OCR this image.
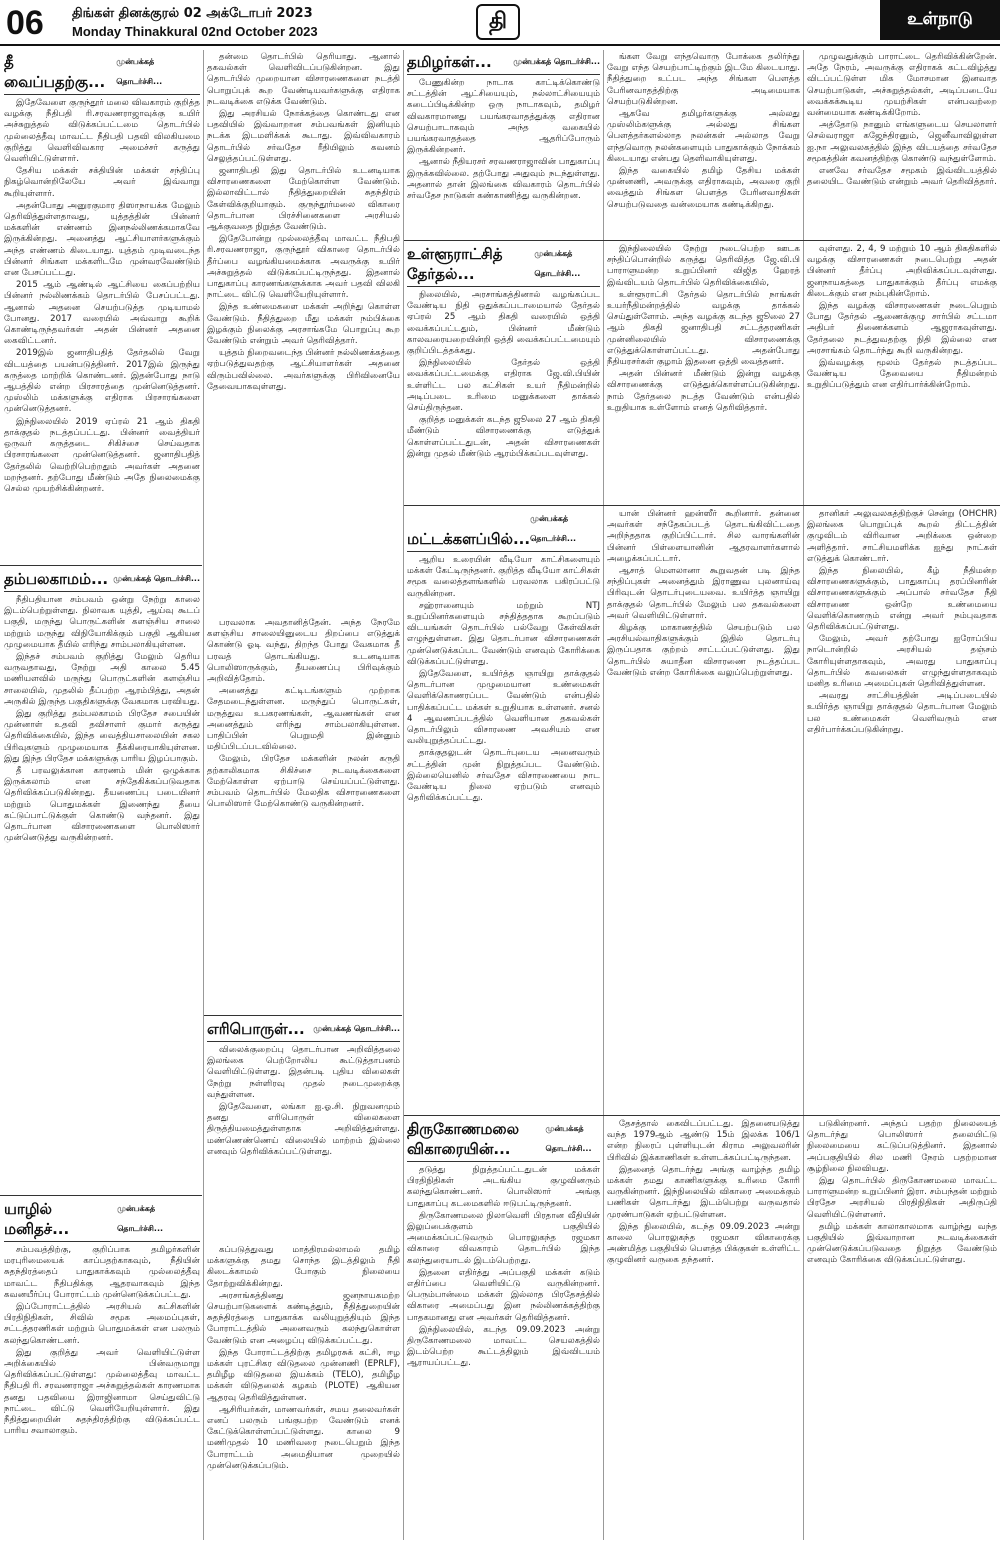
06 திங்கள் தினக்குரல் 02 அக்டோபர் 2023
Monday Thinakkural 02nd October 2023	தி	உள்நாடு
தீ வைப்பதற்கு...
முன்பக்கத் தொடர்ச்சி...

இதேவேளை குருந்தூர் மலை விவகாரம் குறித்த வழக்கு நீதிபதி ரி.சரவணராஜாவுக்கு உயிர் அச்சுறுத்தல் விடுக்கப்பட்டமை தொடர்பில் முல்லைத்தீவு மாவட்ட நீதிபதி பதவி விலகியமை குறித்து வெளிவிவகார அமைச்சர் கருத்து வெளியிட்டுள்ளார்.

தேசிய மக்கள் சக்தியின் மக்கள் சந்திப்பு நிகழ்வொன்றிலேயே அவர் இவ்வாறு கூறியுள்ளார்.

அதன்போது அனுரகுமார திஸாநாயக்க மேலும் தெரிவித்துள்ளதாவது, யுத்தத்தின் பின்னர் மக்களின் எண்ணம் இனநல்லிணக்கமாகவே இருக்கின்றது. அனைத்து ஆட்சியாளர்களுக்கும் அந்த எண்ணம் கிடையாது. யுத்தம் முடிவடைந்த பின்னர் சிங்கள மக்களிடமே முன்வரவேண்டும் என பேசப்பட்டது.

2015 ஆம் ஆண்டில் ஆட்சியை கைப்பற்றிய பின்னர் நல்லிணக்கம் தொடர்பில் பேசப்பட்டது. ஆனால் அதனை செயற்படுத்த முடியாமல் போனது. 2017 வரையில் அவ்வாறு கூறிக் கொண்டிருந்தவர்கள் அதன் பின்னர் அதனை கைவிட்டனர்.

2019இல் ஜனாதிபதித் தேர்தலில் வேறு விடயத்தை பயன்படுத்தினர். 2017இல் இருந்து கருத்தை மாற்றிக் கொண்டனர். இதன்போது நாடு ஆபத்தில் என்ற பிரசாரத்தை முன்னெடுத்தனர். முஸ்லிம் மக்களுக்கு எதிராக பிரசாரங்களை முன்னெடுத்தனர்.

இந்நிலையில் 2019 ஏப்ரல் 21 ஆம் திகதி தாக்குதல் நடத்தப்பட்டது. பின்னர் வைத்தியர் ஒருவர் கருத்தடை சிகிச்சை செய்வதாக பிரசாரங்களை முன்னெடுத்தனர். ஜனாதிபதித் தேர்தலில் வெற்றிபெற்றதும் அவர்கள் அதனை மறந்தனர். தற்போது மீண்டும் அதே நிலைமைக்கு செல்ல முயற்சிக்கின்றனர்.

தம்பலகாமம்... முன்பக்கத் தொடர்ச்சி...

நீதிபதியான சம்பவம் ஒன்று நேற்று காலை இடம்பெற்றுள்ளது. நிலாவக யுத்தி, ஆய்வு கூடப் பகுதி, மருந்து பொருட்களின் களஞ்சிய சாலை மற்றும் மருந்து விநியோகிக்கும் பகுதி ஆகியன முழுமையாக தீயில் எரிந்து சாம்பலாகியுள்ளன.

இந்தச் சம்பவம் குறித்து மேலும் தெரிய வருவதாவது, நேற்று அதி காலை 5.45 மணியளவில் மருந்து பொருட்களின் களஞ்சிய சாலையில், முதலில் தீப்பற்ற ஆரம்பித்து, அதன் அருகில் இருந்த பகுதிகளுக்கு வேகமாக பரவியது.

இது குறித்து தம்பலகாமம் பிரதேச சபையின் முன்னாள் உதவி தவிசாளர் குமார் கருத்து தெரிவிக்கையில், இந்த வைத்தியசாலையின் சகல பிரிவுகளும் முழுமையாக தீக்கிரையாகியுள்ளன. இது இந்த பிரதேச மக்களுக்கு பாரிய இழப்பாகும்.

தீ பரவலுக்கான காரணம் மின் ஒழுக்காக இருக்கலாம் என சந்தேகிக்கப்படுவதாக தெரிவிக்கப்படுகின்றது. தீயணைப்பு படையினர் மற்றும் பொதுமக்கள் இணைந்து தீயை கட்டுப்பாட்டுக்குள் கொண்டு வந்தனர். இது தொடர்பான விசாரணைகளை பொலிஸார் முன்னெடுத்து வருகின்றனர்.

யாழில் மனிதச்...
முன்பக்கத் தொடர்ச்சி...

சம்பவத்திற்கு, குறிப்பாக தமிழர்களின் மரபுரிமையைக் காப்பதற்காகவும், நீதியின் சுதந்திரத்தைப் பாதுகாக்கவும் முல்லைத்தீவு மாவட்ட நீதிபதிக்கு ஆதரவாகவும் இந்த கவனயீர்ப்பு போராட்டம் முன்னெடுக்கப்பட்டது.

இப்போராட்டத்தில் அரசியல் கட்சிகளின் பிரதிநிதிகள், சிவில் சமூக அமைப்புகள், சட்டத்தரணிகள் மற்றும் பொதுமக்கள் என பலரும் கலந்துகொண்டனர்.

இது குறித்து அவர் வெளியிட்டுள்ள அறிக்கையில் பின்வருமாறு தெரிவிக்கப்பட்டுள்ளது: முல்லைத்தீவு மாவட்ட நீதிபதி ரி. சரவணராஜா அச்சுறுத்தல்கள் காரணமாக தனது பதவியை இராஜினாமா செய்துவிட்டு நாட்டை விட்டு வெளியேறியுள்ளார். இது நீதித்துறையின் சுதந்திரத்திற்கு விடுக்கப்பட்ட பாரிய சவாலாகும்.

தன்மை தொடர்பில் தெரியாது. ஆனால் தகவல்கள் வெளிவிடப்படுகின்றன. இது தொடர்பில் முறையான விசாரணைகளை நடத்தி பொறுப்புக் கூற வேண்டியவர்களுக்கு எதிராக நடவடிக்கை எடுக்க வேண்டும்.

இது அரசியல் நோக்கத்தை கொண்டது என பதவியில் இவ்வாறான சம்பவங்கள் இனியும் நடக்க இடமளிக்கக் கூடாது. இவ்விவகாரம் தொடர்பில் சர்வதேச ரீதியிலும் கவனம் செலுத்தப்பட்டுள்ளது.

ஜனாதிபதி இது தொடர்பில் உடனடியாக விசாரணைகளை மேற்கொள்ள வேண்டும். இல்லாவிட்டால் நீதித்துறையின் சுதந்திரம் கேள்விக்குறியாகும். குருந்தூர்மலை விகாரை தொடர்பான பிரச்சினைகளை அரசியல் ஆக்குவதை நிறுத்த வேண்டும்.

இதேபோன்று முல்லைத்தீவு மாவட்ட நீதிபதி ரி.சரவணராஜா, குருந்தூர் விகாரை தொடர்பில் தீர்ப்பை வழங்கியமைக்காக அவருக்கு உயிர் அச்சுறுத்தல் விடுக்கப்பட்டிருந்தது. இதனால் பாதுகாப்பு காரணங்களுக்காக அவர் பதவி விலகி நாட்டை விட்டு வெளியேறியுள்ளார்.

இந்த உண்மைகளை மக்கள் அறிந்து கொள்ள வேண்டும். நீதித்துறை மீது மக்கள் நம்பிக்கை இழக்கும் நிலைக்கு அரசாங்கமே பொறுப்பு கூற வேண்டும் என்றும் அவர் தெரிவித்தார்.

யுத்தம் நிறைவடைந்த பின்னர் நல்லிணக்கத்தை ஏற்படுத்துவதற்கு ஆட்சியாளர்கள் அதனை விரும்பவில்லை. அவர்களுக்கு பிரிவினையே தேவையாகவுள்ளது.

பரவலாக அவதானித்தேன். அந்த நேரமே களஞ்சிய சாலையினுடைய திறப்பை எடுத்துக் கொண்டு ஓடி வந்து, திறந்த போது வேகமாக தீ பரவத் தொடங்கியது. உடனடியாக பொலிஸாருக்கும், தீயணைப்பு பிரிவுக்கும் அறிவித்தோம்.

அனைத்து கட்டிடங்களும் முற்றாக சேதமடைந்துள்ளன. மருந்துப் பொருட்கள், மருத்துவ உபகரணங்கள், ஆவணங்கள் என அனைத்தும் எரிந்து சாம்பலாகியுள்ளன. பாதிப்பின் பெறுமதி இன்னும் மதிப்பிடப்படவில்லை.

மேலும், பிரதேச மக்களின் நலன் கருதி தற்காலிகமாக சிகிச்சை நடவடிக்கைகளை மேற்கொள்ள ஏற்பாடு செய்யப்பட்டுள்ளது. சம்பவம் தொடர்பில் மேலதிக விசாரணைகளை பொலிஸார் மேற்கொண்டு வருகின்றனர்.

எரிபொருள்... முன்பக்கத் தொடர்ச்சி...

விலைக்குறைப்பு தொடர்பான அறிவித்தலை இலங்கை பெற்றோலிய கூட்டுத்தாபனம் வெளியிட்டுள்ளது. இதன்படி புதிய விலைகள் நேற்று நள்ளிரவு முதல் நடைமுறைக்கு வந்துள்ளன.

இதேவேளை, லங்கா ஐ.ஓ.சி. நிறுவனமும் தனது எரிபொருள் விலைகளை திருத்தியமைத்துள்ளதாக அறிவித்துள்ளது. மண்ணெண்ணெய் விலையில் மாற்றம் இல்லை எனவும் தெரிவிக்கப்பட்டுள்ளது.

கப்படுத்துவது மாத்திரமல்லாமல் தமிழ் மக்களுக்கு தமது சொந்த இடத்திலும் நீதி கிடைக்காமல் போகும் நிலையை தோற்றுவிக்கின்றது.

அரசாங்கத்தினது ஜனநாயகமற்ற செயற்பாடுகளைக் கண்டித்தும், நீதித்துறையின் சுதந்திரத்தை பாதுகாக்க வலியுறுத்தியும் இந்த போராட்டத்தில் அனைவரும் கலந்துகொள்ள வேண்டும் என அழைப்பு விடுக்கப்பட்டது.

இந்த போராட்டத்திற்கு தமிழரசுக் கட்சி, ஈழ மக்கள் புரட்சிகர விடுதலை முன்னணி (EPRLF), தமிழீழ விடுதலை இயக்கம் (TELO), தமிழீழ மக்கள் விடுதலைக் கழகம் (PLOTE) ஆகியன ஆதரவு தெரிவித்துள்ளன.

ஆசிரியர்கள், மாணவர்கள், சமய தலைவர்கள் எனப் பலரும் பங்குபற்ற வேண்டும் எனக் கேட்டுக்கொள்ளப்பட்டுள்ளது. காலை 9 மணிமுதல் 10 மணிவரை நடைபெறும் இந்த போராட்டம் அமைதியான முறையில் முன்னெடுக்கப்படும்.

தமிழர்கள்...	முன்பக்கத் தொடர்ச்சி...

பேணுகின்ற நாடாக காட்டிக்கொண்டு சட்டத்தின் ஆட்சியையும், நல்லாட்சியையும் கடைப்பிடிக்கின்ற ஒரு நாடாகவும், தமிழர் விவகாரமானது பயங்கரவாதத்துக்கு எதிரான செயற்பாடாகவும் அந்த வகையில் பயங்கரவாதத்தை ஆதரிப்போரும் இருக்கின்றனர்.

ஆனால் நீதியரசர் சரவணராஜாவின் பாதுகாப்பு இருக்கவில்லை. தற்போது அதுவும் நடந்துள்ளது. அதனால் தான் இலங்கை விவகாரம் தொடர்பில் சர்வதேச நாடுகள் கண்காணித்து வருகின்றன.

ங்கள வேறு எந்தவொரு போக்கை தலிர்ந்து வேறு எந்த செயற்பாட்டிற்கும் இடமே கிடையாது. நீதித்துறை உட்பட அந்த சிங்கள பௌத்த பேரினவாதத்திற்கு அடிமையாக செயற்படுகின்றன.

ஆகவே தமிழர்களுக்கு அல்லது முஸ்லிம்களுக்கு அல்லது சிங்கள பௌத்தர்களல்லாத நலன்கள் அல்லாத வேறு எந்தவொரு நலன்களையும் பாதுகாக்கும் நோக்கம் கிடையாது என்பது தெளிவாகியுள்ளது.

இந்த வகையில் தமிழ் தேசிய மக்கள் முன்னணி, அவருக்கு எதிராகவும், அவரை குறி வைத்தும் சிங்கள பௌத்த பேரினவாதிகள் செயற்படுவதை வன்மையாக கண்டிக்கிறது.

முழுவதுக்கும் பாராட்டை தெரிவிக்கின்றேன். அதே நேரம், அவருக்கு எதிராகக் கட்டவிழ்த்து விடப்பட்டுள்ள மிக மோசமான இனவாத செயற்பாடுகள், அச்சுறுத்தல்கள், அடிப்படையே வைக்கக்கூடிய முயற்சிகள் என்பவற்றை வன்மையாக கண்டிக்கிறோம்.

அத்தோடு நானும் எங்களுடைய செயலாளர் செல்வராஜா கஜேந்திரனும், ஜெனீவாவிலுள்ள ஐ.நா அலுவலகத்தில் இந்த விடயத்தை சர்வதேச சமூகத்தின் கவனத்திற்கு கொண்டு வந்துள்ளோம்.

எனவே சர்வதேச சமூகம் இவ்விடயத்தில் தலையிட வேண்டும் என்றும் அவர் தெரிவித்தார்.

உள்ளூராட்சித் தேர்தல்...
முன்பக்கத் தொடர்ச்சி...

நிலையில், அரசாங்கத்தினால் வழங்கப்பட வேண்டிய நிதி ஒதுக்கப்படாமையால் தேர்தல் ஏப்ரல் 25 ஆம் திகதி வரையில் ஒத்தி வைக்கப்பட்டதும், பின்னர் மீண்டும் காலவரையறையின்றி ஒத்தி வைக்கப்பட்டமையும் குறிப்பிடத்தக்கது.

இந்நிலையில் தேர்தல் ஒத்தி வைக்கப்பட்டமைக்கு எதிராக ஜே.வி.பியின் உள்ளிட்ட பல கட்சிகள் உயர் நீதிமன்றில் அடிப்படை உரிமை மனுக்களை தாக்கல் செய்திருந்தன.

குறித்த மனுக்கள் கடந்த ஜூலை 27 ஆம் திகதி மீண்டும் விசாரணைக்கு எடுத்துக் கொள்ளப்பட்டதுடன், அதன் விசாரணைகள் இன்று முதல் மீண்டும் ஆரம்பிக்கப்படவுள்ளது.

இந்நிலையில் நேற்று நடைபெற்ற ஊடக சந்திப்பொன்றில் கருத்து தெரிவித்த ஜே.வி.பி பாராளுமன்ற உறுப்பினர் விஜித ஹேரத் இவ்விடயம் தொடர்பில் தெரிவிக்கையில்,

உள்ளூராட்சி தேர்தல் தொடர்பில் நாங்கள் உயர்நீதிமன்றத்தில் வழக்கு தாக்கல் செய்துள்ளோம். அந்த வழக்கு கடந்த ஜூலை 27 ஆம் திகதி ஜனாதிபதி சட்டத்தரணிகள் முன்னிலையில் விசாரணைக்கு எடுத்துக்கொள்ளப்பட்டது. அதன்போது நீதியரசர்கள் குழாம் இதனை ஒத்தி வைத்தனர்.

அதன் பின்னர் மீண்டும் இன்று வழக்கு விசாரணைக்கு எடுத்துக்கொள்ளப்படுகின்றது. நாம் தேர்தலை நடத்த வேண்டும் என்பதில் உறுதியாக உள்ளோம் எனத் தெரிவித்தார்.

வுள்ளது. 2, 4, 9 மற்றும் 10 ஆம் திகதிகளில் வழக்கு விசாரணைகள் நடைபெற்று அதன் பின்னர் தீர்ப்பு அறிவிக்கப்படவுள்ளது. ஜனநாயகத்தை பாதுகாக்கும் தீர்ப்பு எமக்கு கிடைக்கும் என நம்புகின்றோம்.

இந்த வழக்கு விசாரணைகள் நடைபெறும் போது தேர்தல் ஆணைக்குழு சார்பில் சட்டமா அதிபர் திணைக்களம் ஆஜராகவுள்ளது. தேர்தலை நடத்துவதற்கு நிதி இல்லை என அரசாங்கம் தொடர்ந்து கூறி வருகின்றது.

இவ்வழக்கு மூலம் தேர்தல் நடத்தப்பட வேண்டிய தேவையை நீதிமன்றம் உறுதிப்படுத்தும் என எதிர்பார்க்கின்றோம்.

மட்டக்களப்பில்...
முன்பக்கத் தொடர்ச்சி...

ஆறிய உரையின் வீடியோ காட்சிகளையும் மக்கள் கேட்டிருந்தனர். குறித்த வீடியோ காட்சிகள் சமூக வலைத்தளங்களில் பரவலாக பகிரப்பட்டு வருகின்றன.

சஹ்ரானையும் மற்றும் NTJ உறுப்பினர்களையும் சந்தித்ததாக கூறப்படும் விடயங்கள் தொடர்பில் பல்வேறு கேள்விகள் எழுந்துள்ளன. இது தொடர்பான விசாரணைகள் முன்னெடுக்கப்பட வேண்டும் எனவும் கோரிக்கை விடுக்கப்பட்டுள்ளது.

இதேவேளை, உயிர்த்த ஞாயிறு தாக்குதல் தொடர்பான முழுமையான உண்மைகள் வெளிக்கொணரப்பட வேண்டும் என்பதில் பாதிக்கப்பட்ட மக்கள் உறுதியாக உள்ளனர். சனல் 4 ஆவணப்படத்தில் வெளியான தகவல்கள் தொடர்பிலும் விசாரணை அவசியம் என வலியுறுத்தப்பட்டது.

தாக்குதலுடன் தொடர்புடைய அனைவரும் சட்டத்தின் முன் நிறுத்தப்பட வேண்டும். இல்லையெனில் சர்வதேச விசாரணையை நாட வேண்டிய நிலை ஏற்படும் எனவும் தெரிவிக்கப்பட்டது.

யான் பின்னர் ஹன்ஸீர் கூறினார். தன்னை அவர்கள் சந்தேகப்படத் தொடங்கிவிட்டதை அறிந்ததாக குறிப்பிட்டார். சில வாரங்களின் பின்னர் பிள்ளையானின் ஆதரவாளர்களால் அழைக்கப்பட்டார்.

ஆசாத் மௌலானா கூறுவதன் படி இந்த சந்திப்புகள் அனைத்தும் இராணுவ புலனாய்வு பிரிவுடன் தொடர்புடையவை. உயிர்த்த ஞாயிறு தாக்குதல் தொடர்பில் மேலும் பல தகவல்களை அவர் வெளியிட்டுள்ளார்.

கிழக்கு மாகாணத்தில் செயற்படும் பல அரசியல்வாதிகளுக்கும் இதில் தொடர்பு இருப்பதாக குற்றம் சாட்டப்பட்டுள்ளது. இது தொடர்பில் சுயாதீன விசாரணை நடத்தப்பட வேண்டும் என்ற கோரிக்கை வலுப்பெற்றுள்ளது.

தானிகர் அலுவலகத்திற்குச் சென்று (OHCHR) இலங்கை பொறுப்புக் கூறல் திட்டத்தின் குழுவிடம் விரிவான அறிக்கை ஒன்றை அளித்தார். சாட்சியமளிக்க ஐந்து நாட்கள் எடுத்துக் கொண்டார்.

இந்த நிலையில், கீழ் நீதிமன்ற விசாரணைகளுக்கும், பாதுகாப்பு தரப்பினரின் விசாரணைகளுக்கும் அப்பால் சர்வதேச நீதி விசாரணை ஒன்றே உண்மையை வெளிக்கொணரும் என்று அவர் நம்புவதாக தெரிவிக்கப்பட்டுள்ளது.

மேலும், அவர் தற்போது ஐரோப்பிய நாடொன்றில் அரசியல் தஞ்சம் கோரியுள்ளதாகவும், அவரது பாதுகாப்பு தொடர்பில் கவலைகள் எழுந்துள்ளதாகவும் மனித உரிமை அமைப்புகள் தெரிவித்துள்ளன.

அவரது சாட்சியத்தின் அடிப்படையில் உயிர்த்த ஞாயிறு தாக்குதல் தொடர்பான மேலும் பல உண்மைகள் வெளிவரும் என எதிர்பார்க்கப்படுகின்றது.

திருகோணமலை விகாரையின்...
முன்பக்கத் தொடர்ச்சி...

தடுத்து நிறுத்தப்பட்டதுடன் மக்கள் பிரதிநிதிகள் அடங்கிய குழுவினரும் கலந்துகொண்டனர். பொலிஸார் அங்கு பாதுகாப்பு கடமைகளில் ஈடுபட்டிருந்தனர்.

திருகோணமலை நிலாவெளி பிரதான வீதியின் இலுப்பைக்குளம் பகுதியில் அமைக்கப்பட்டுவரும் பொரலுகந்த ரஜமகா விகாரை விவகாரம் தொடர்பில் இந்த கலந்துரையாடல் இடம்பெற்றது.

இதனை எதிர்த்து அப்பகுதி மக்கள் கடும் எதிர்ப்பை வெளியிட்டு வருகின்றனர். பெரும்பான்மை மக்கள் இல்லாத பிரதேசத்தில் விகாரை அமைப்பது இன நல்லிணக்கத்திற்கு பாதகமானது என அவர்கள் தெரிவித்தனர்.

இந்நிலையில், கடந்த 09.09.2023 அன்று திருகோணமலை மாவட்ட செயலகத்தில் இடம்பெற்ற கூட்டத்திலும் இவ்விடயம் ஆராயப்பட்டது.

தேசத்தால் கைவிடப்பட்டது. இதனையடுத்து வந்த 1979ஆம் ஆண்டு 15ம் இலக்க 106/1 என்ற நிரைப் புள்ளியுடன் கிராம அலுவலரின் பிரிவில் இக்காணிகள் உள்ளடக்கப்பட்டிருந்தன.

இதனைத் தொடர்ந்து அங்கு வாழ்ந்த தமிழ் மக்கள் தமது காணிகளுக்கு உரிமை கோரி வருகின்றனர். இந்நிலையில் விகாரை அமைக்கும் பணிகள் தொடர்ந்து இடம்பெற்று வருவதால் முரண்பாடுகள் ஏற்பட்டுள்ளன.

இந்த நிலையில், கடந்த 09.09.2023 அன்று காலை பொரலுகந்த ரஜமகா விகாரைக்கு அண்மித்த பகுதியில் பௌத்த பிக்குகள் உள்ளிட்ட குழுவினர் வருகை தந்தனர்.

படுகின்றனர். அந்தப் பதற்ற நிலையைத் தொடர்ந்து பொலிஸார் தலையிட்டு நிலைமையை கட்டுப்படுத்தினர். இதனால் அப்பகுதியில் சில மணி நேரம் பதற்றமான சூழ்நிலை நிலவியது.

இது தொடர்பில் திருகோணமலை மாவட்ட பாராளுமன்ற உறுப்பினர் இரா. சம்பந்தன் மற்றும் பிரதேச அரசியல் பிரதிநிதிகள் அதிருப்தி வெளியிட்டுள்ளனர்.

தமிழ் மக்கள் காலாகாலமாக வாழ்ந்து வந்த பகுதியில் இவ்வாறான நடவடிக்கைகள் முன்னெடுக்கப்படுவதை நிறுத்த வேண்டும் எனவும் கோரிக்கை விடுக்கப்பட்டுள்ளது.
